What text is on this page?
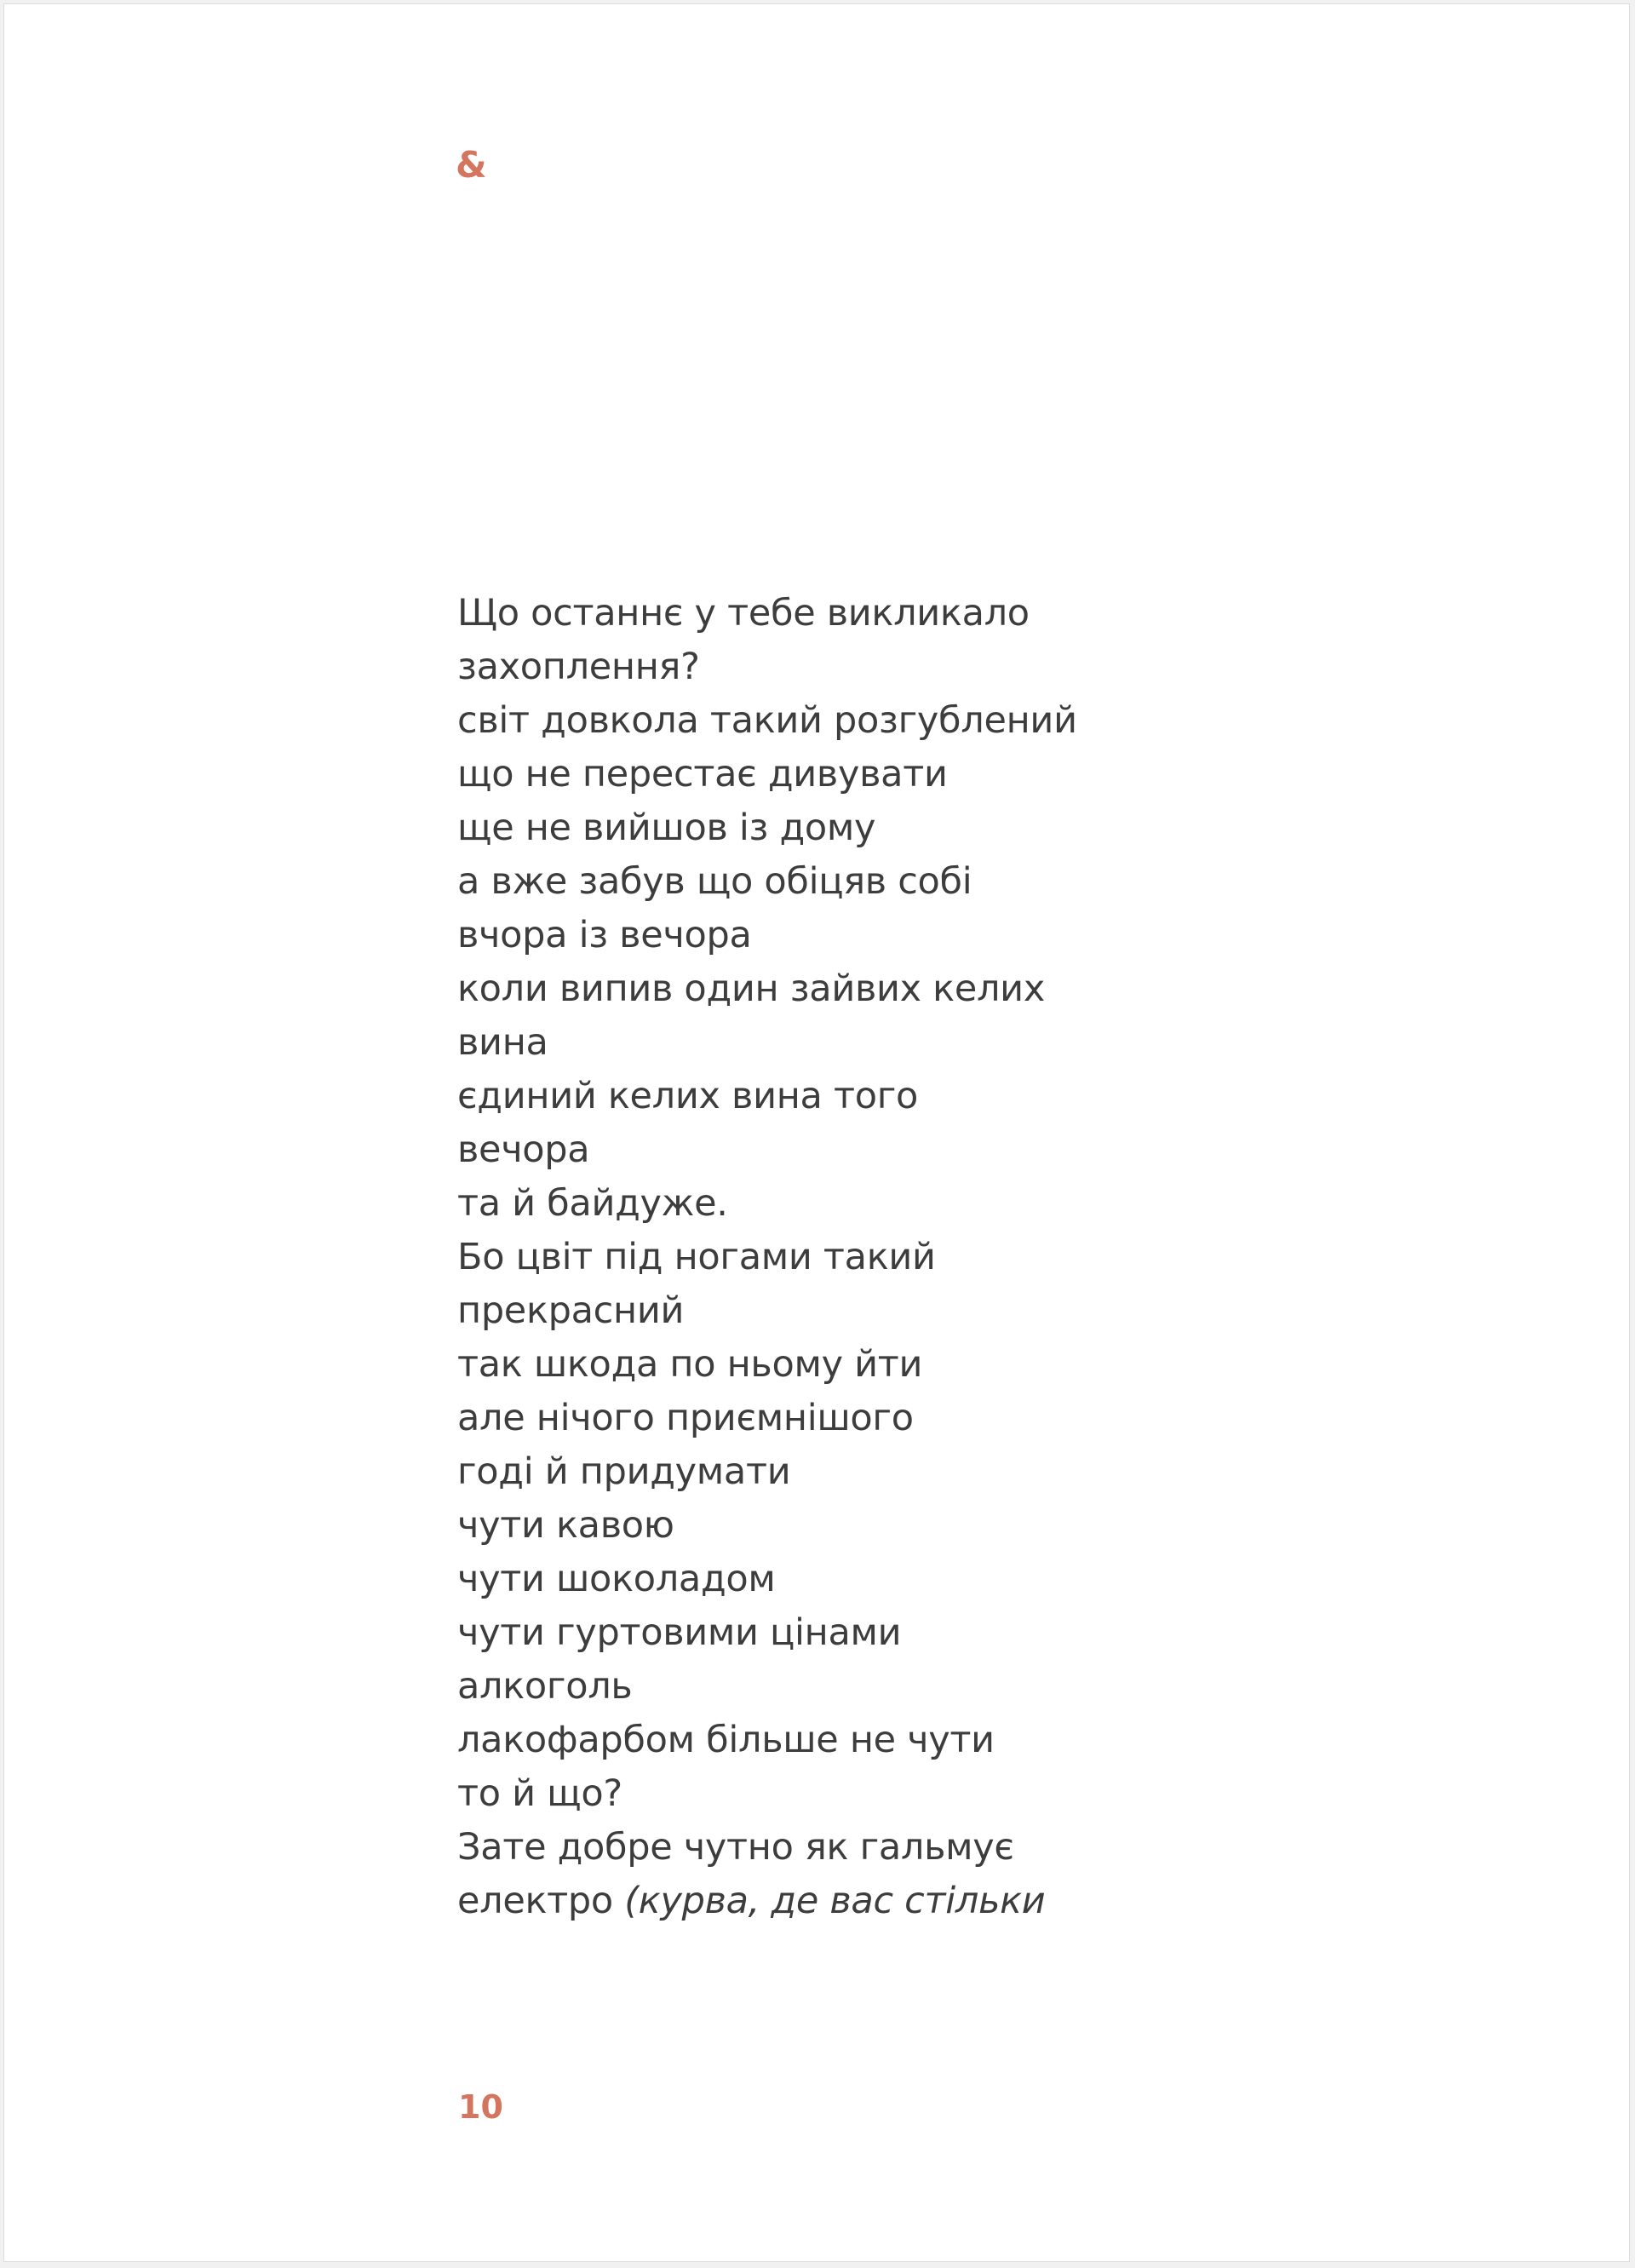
&

Що останнє у тебе викликало
захоплення?
світ довкола такий розгублений
що не перестає дивувати
ще не вийшов із дому
а вже забув що обіцяв собі
вчора із вечора
коли випив один зайвих келих
вина
єдиний келих вина того
вечора
та й байдуже.
Бо цвіт під ногами такий
прекрасний
так шкода по ньому йти
але нічого приємнішого
годі й придумати
чути кавою
чути шоколадом
чути гуртовими цінами
алкоголь
лакофарбом більше не чути
то й що?
Зате добре чутно як гальмує
електро (курва, де вас стільки

10
